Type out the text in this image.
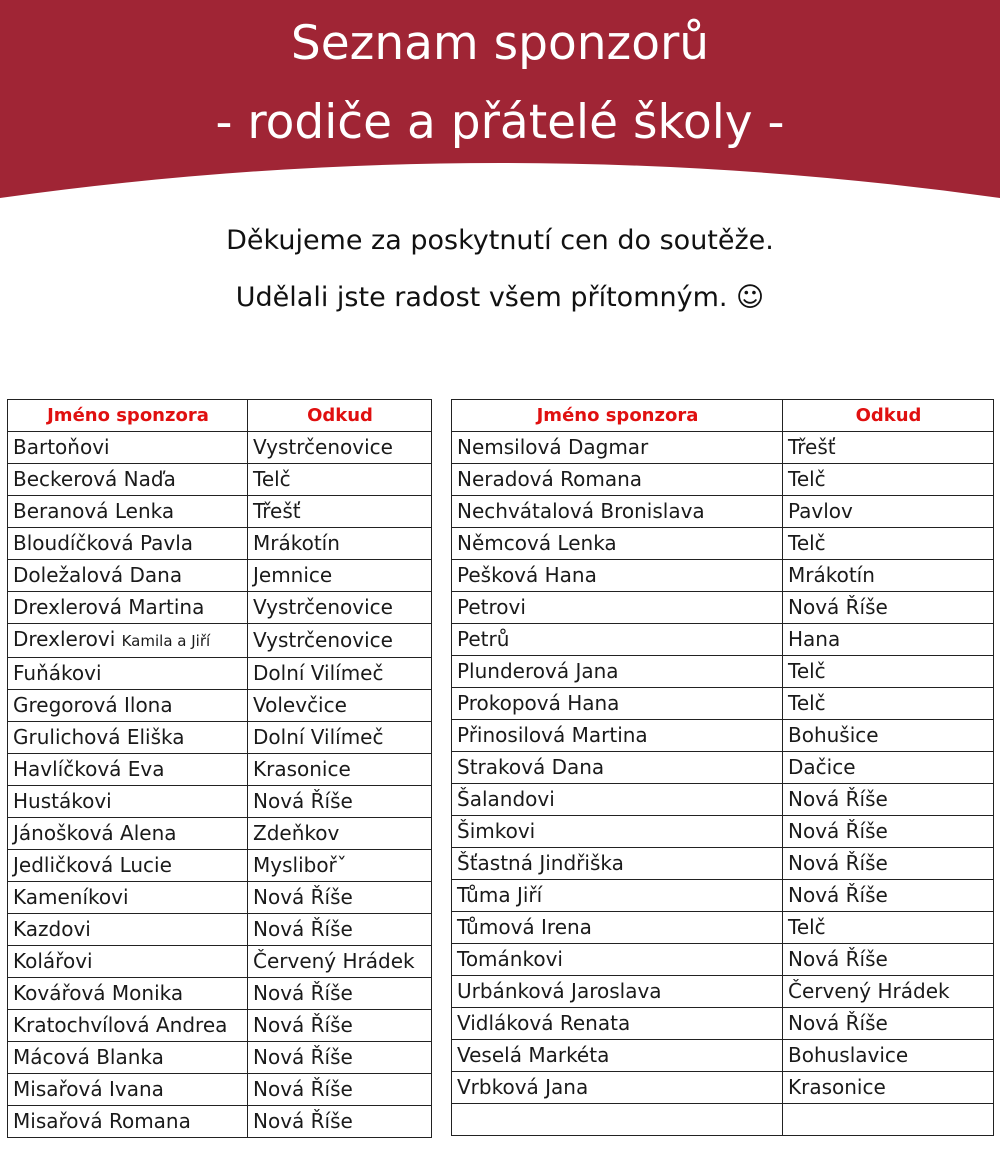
Seznam sponzorů
- rodiče a přátelé školy -
Děkujeme za poskytnutí cen do soutěže.
Udělali jste radost všem přítomným. ☺
Jméno sponzora	Odkud
Bartoňovi	Vystrčenovice
Beckerová Naďa	Telč
Beranová Lenka	Třešť
Bloudíčková Pavla	Mrákotín
Doležalová Dana	Jemnice
Drexlerová Martina	Vystrčenovice
Drexlerovi Kamila a Jiří	Vystrčenovice
Fuňákovi	Dolní Vilímeč
Gregorová Ilona	Volevčice
Grulichová Eliška	Dolní Vilímeč
Havlíčková Eva	Krasonice
Hustákovi	Nová Říše
Jánošková Alena	Zdeňkov
Jedličková Lucie	Myslibořˇ
Kameníkovi	Nová Říše
Kazdovi	Nová Říše
Kolářovi	Červený Hrádek
Kovářová Monika	Nová Říše
Kratochvílová Andrea	Nová Říše
Mácová Blanka	Nová Říše
Misařová Ivana	Nová Říše
Misařová Romana	Nová Říše
Jméno sponzora	Odkud
Nemsilová Dagmar	Třešť
Neradová Romana	Telč
Nechvátalová Bronislava	Pavlov
Němcová Lenka	Telč
Pešková Hana	Mrákotín
Petrovi	Nová Říše
Petrů	Hana
Plunderová Jana	Telč
Prokopová Hana	Telč
Přinosilová Martina	Bohušice
Straková Dana	Dačice
Šalandovi	Nová Říše
Šimkovi	Nová Říše
Šťastná Jindřiška	Nová Říše
Tůma Jiří	Nová Říše
Tůmová Irena	Telč
Tománkovi	Nová Říše
Urbánková Jaroslava	Červený Hrádek
Vidláková Renata	Nová Říše
Veselá Markéta	Bohuslavice
Vrbková Jana	Krasonice
